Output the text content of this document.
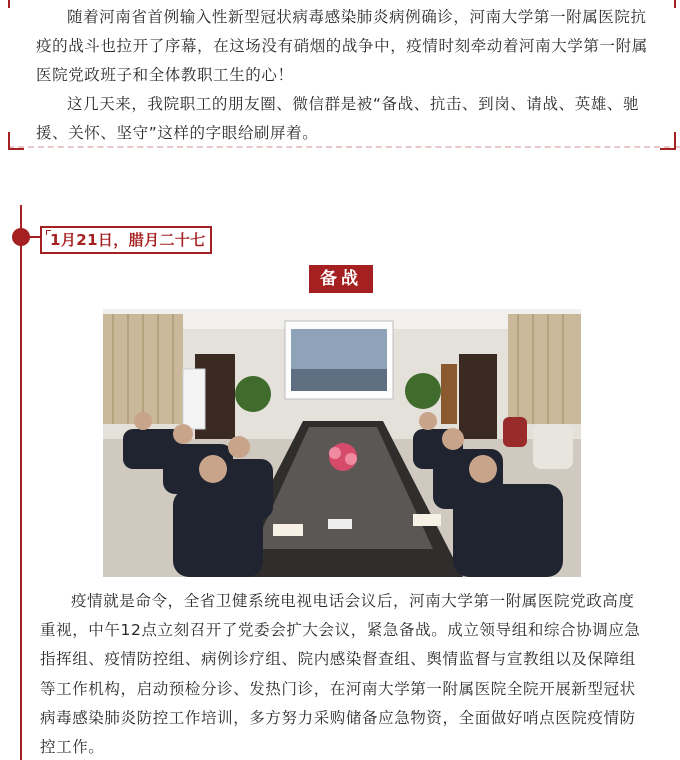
随着河南省首例输入性新型冠状病毒感染肺炎病例确诊，河南大学第一附属医院抗疫的战斗也拉开了序幕，在这场没有硝烟的战争中，疫情时刻牵动着河南大学第一附属医院党政班子和全体教职工生的心！

这几天来，我院职工的朋友圈、微信群是被“备战、抗击、到岗、请战、英雄、驰援、关怀、坚守”这样的字眼给刷屏着。

1月21日，腊月二十七
备战

疫情就是命令，全省卫健系统电视电话会议后，河南大学第一附属医院党政高度重视，中午12点立刻召开了党委会扩大会议，紧急备战。成立领导组和综合协调应急指挥组、疫情防控组、病例诊疗组、院内感染督查组、舆情监督与宣教组以及保障组等工作机构，启动预检分诊、发热门诊，在河南大学第一附属医院全院开展新型冠状病毒感染肺炎防控工作培训，多方努力采购储备应急物资，全面做好哨点医院疫情防控工作。
